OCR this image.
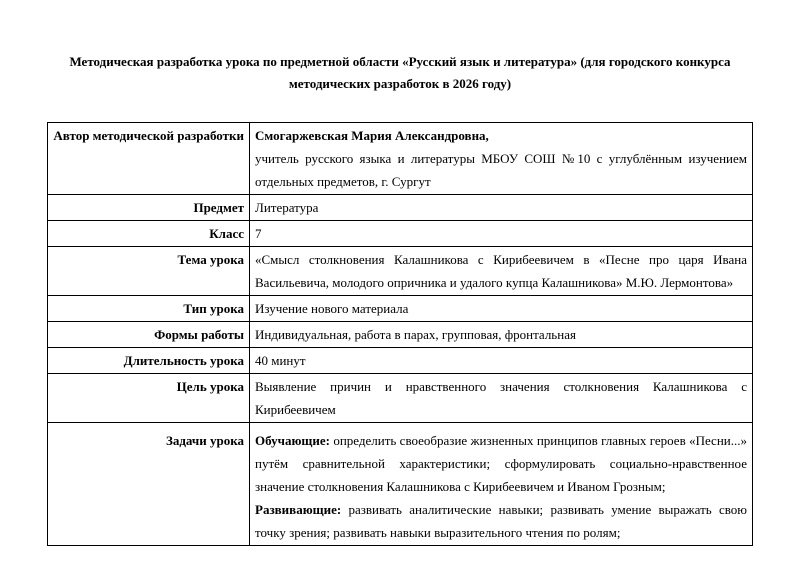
Методическая разработка урока по предметной области «Русский язык и литература» (для городского конкурса методических разработок в 2026 году)
Автор методической разработки	Смогаржевская Мария Александровна,
учитель русского языка и литературы МБОУ СОШ №10 с углублённым изучением отдельных предметов, г. Сургут
Предмет	Литература
Класс	7
Тема урока	«Смысл столкновения Калашникова с Кирибеевичем в «Песне про царя Ивана Васильевича, молодого опричника и удалого купца Калашникова» М.Ю. Лермонтова»
Тип урока	Изучение нового материала
Формы работы	Индивидуальная, работа в парах, групповая, фронтальная
Длительность урока	40 минут
Цель урока	Выявление причин и нравственного значения столкновения Калашникова с Кирибеевичем
Задачи урока	Обучающие: определить своеобразие жизненных принципов главных героев «Песни...» путём сравнительной характеристики; сформулировать социально-нравственное значение столкновения Калашникова с Кирибеевичем и Иваном Грозным;
Развивающие: развивать аналитические навыки; развивать умение выражать свою точку зрения; развивать навыки выразительного чтения по ролям;
